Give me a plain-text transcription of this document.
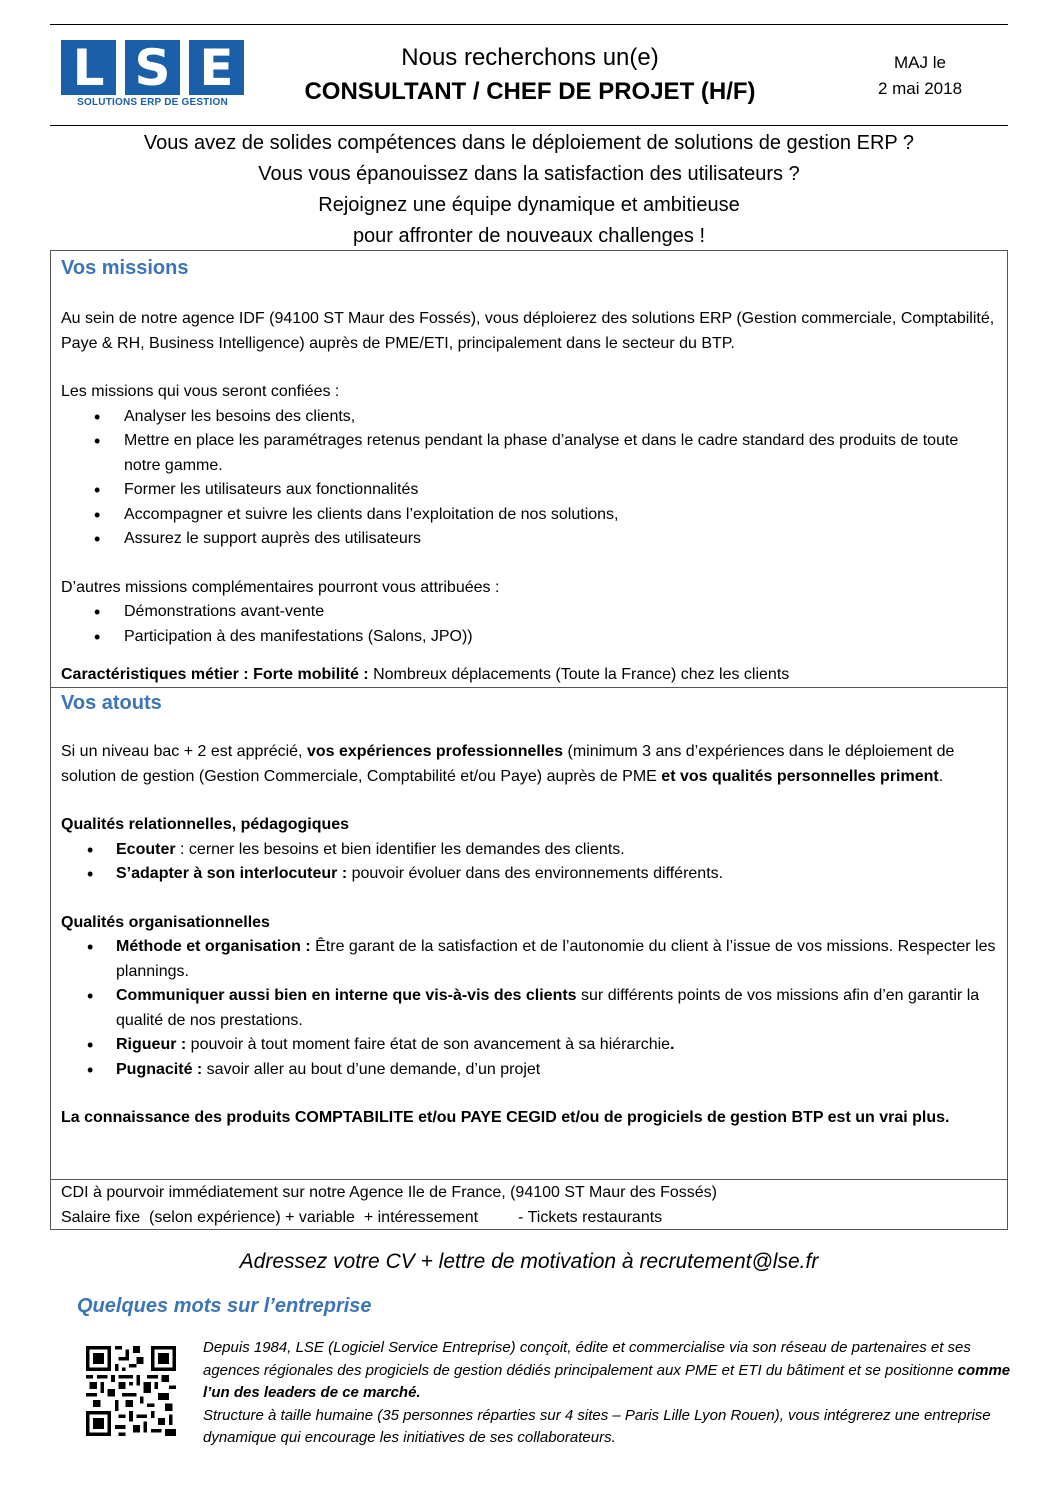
L S E
SOLUTIONS ERP DE GESTION
Nous recherchons un(e)
CONSULTANT / CHEF DE PROJET (H/F)
MAJ le
2 mai 2018
Vous avez de solides compétences dans le déploiement de solutions de gestion ERP ?
Vous vous épanouissez dans la satisfaction des utilisateurs ?
Rejoignez une équipe dynamique et ambitieuse
pour affronter de nouveaux challenges !
Vos missions

Au sein de notre agence IDF (94100 ST Maur des Fossés), vous déploierez des solutions ERP (Gestion commerciale, Comptabilité, Paye & RH, Business Intelligence) auprès de PME/ETI, principalement dans le secteur du BTP.

Les missions qui vous seront confiées :

• Analyser les besoins des clients,
• Mettre en place les paramétrages retenus pendant la phase d’analyse et dans le cadre standard des produits de toute notre gamme.
• Former les utilisateurs aux fonctionnalités
• Accompagner et suivre les clients dans l’exploitation de nos solutions,
• Assurez le support auprès des utilisateurs

D’autres missions complémentaires pourront vous attribuées :

• Démonstrations avant-vente
• Participation à des manifestations (Salons, JPO))

Caractéristiques métier : Forte mobilité : Nombreux déplacements (Toute la France) chez les clients

Vos atouts

Si un niveau bac + 2 est apprécié, vos expériences professionnelles (minimum 3 ans d’expériences dans le déploiement de solution de gestion (Gestion Commerciale, Comptabilité et/ou Paye) auprès de PME et vos qualités personnelles priment.

Qualités relationnelles, pédagogiques

• Ecouter : cerner les besoins et bien identifier les demandes des clients.
• S’adapter à son interlocuteur : pouvoir évoluer dans des environnements différents.

Qualités organisationnelles

• Méthode et organisation : Être garant de la satisfaction et de l’autonomie du client à l’issue de vos missions. Respecter les plannings.
• Communiquer aussi bien en interne que vis-à-vis des clients sur différents points de vos missions afin d’en garantir la qualité de nos prestations.
• Rigueur : pouvoir à tout moment faire état de son avancement à sa hiérarchie.
• Pugnacité : savoir aller au bout d’une demande, d’un projet

La connaissance des produits COMPTABILITE et/ou PAYE CEGID et/ou de progiciels de gestion BTP est un vrai plus.

CDI à pourvoir immédiatement sur notre Agence Ile de France, (94100 ST Maur des Fossés)

Salaire fixe  (selon expérience) + variable  + intéressement         - Tickets restaurants

Adressez votre CV + lettre de motivation à recrutement@lse.fr
Quelques mots sur l’entreprise

Depuis 1984, LSE (Logiciel Service Entreprise) conçoit, édite et commercialise via son réseau de partenaires et ses agences régionales des progiciels de gestion dédiés principalement aux PME et ETI du bâtiment et se positionne comme l’un des leaders de ce marché.

Structure à taille humaine (35 personnes réparties sur 4 sites – Paris Lille Lyon Rouen), vous intégrerez une entreprise dynamique qui encourage les initiatives de ses collaborateurs.
